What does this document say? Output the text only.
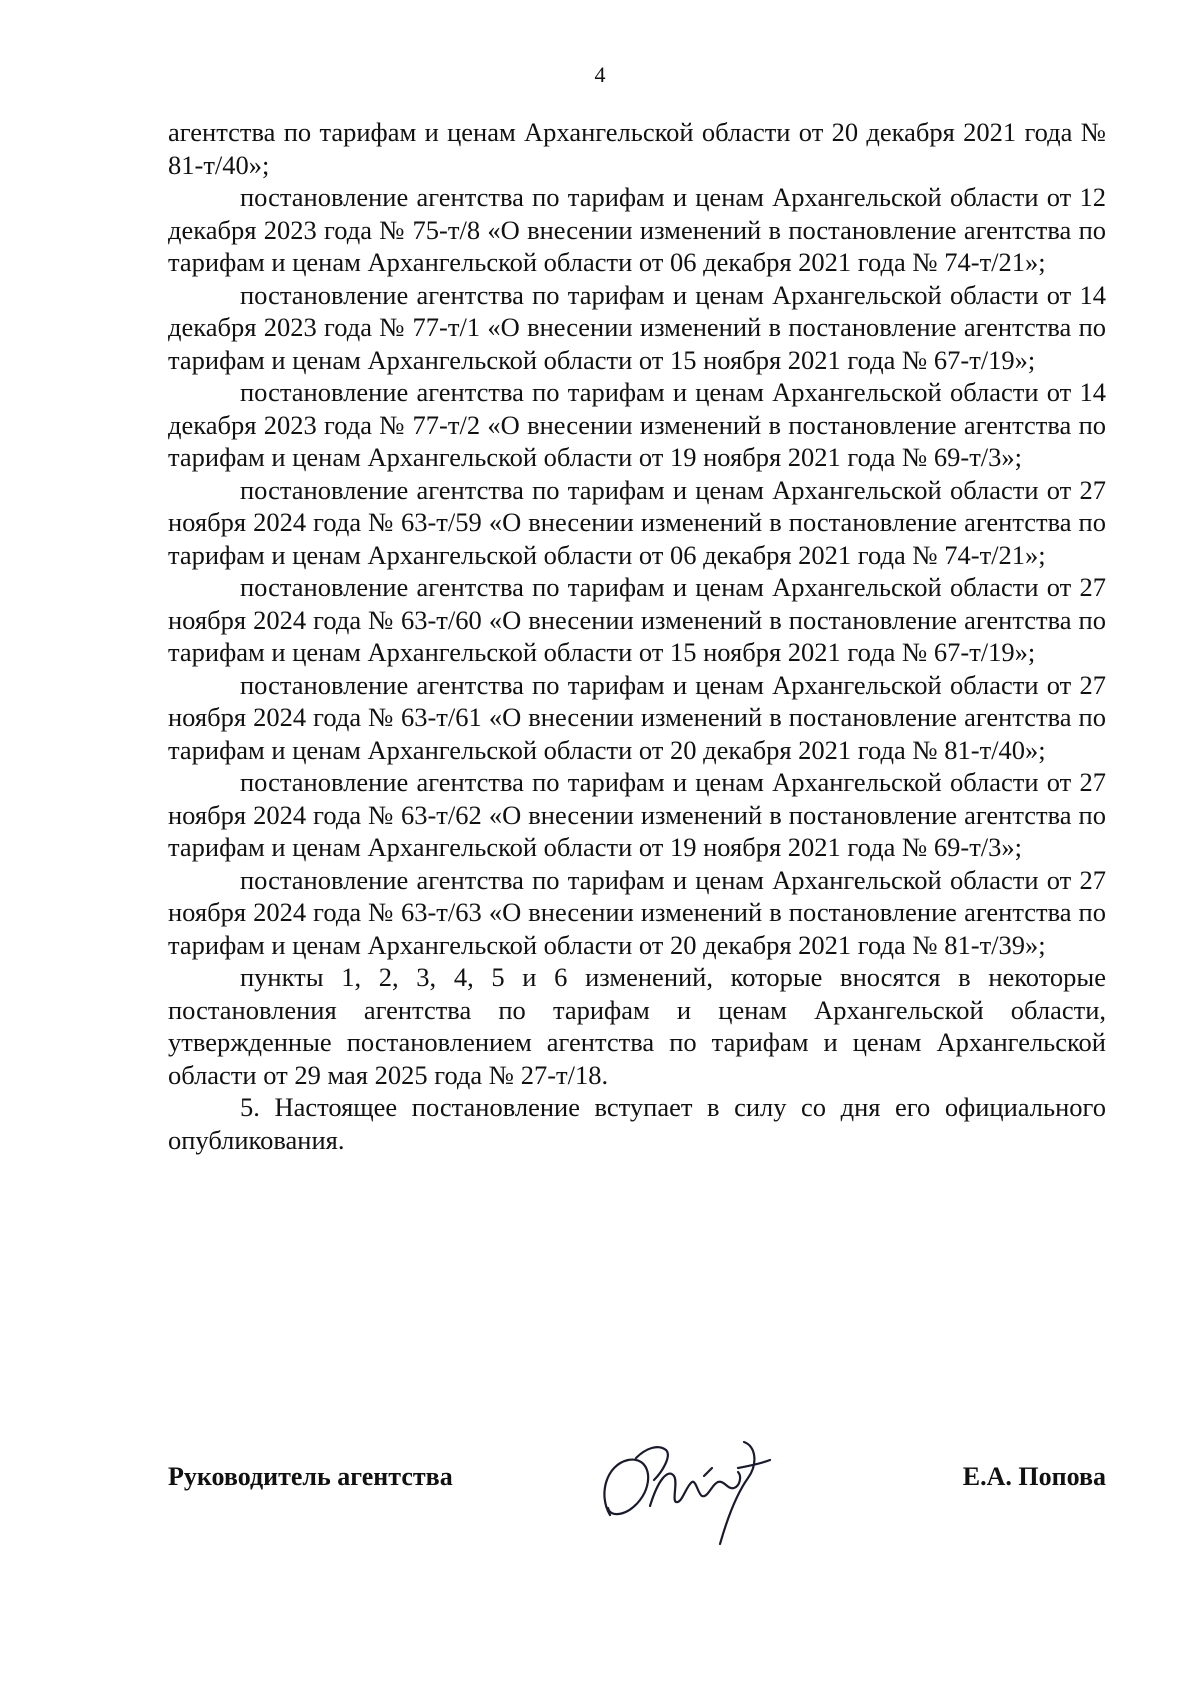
4

агентства по тарифам и ценам Архангельской области от 20 декабря 2021 года № 81-т/40»;

постановление агентства по тарифам и ценам Архангельской области от 12 декабря 2023 года № 75-т/8 «О внесении изменений в постановление агентства по тарифам и ценам Архангельской области от 06 декабря 2021 года № 74-т/21»;

постановление агентства по тарифам и ценам Архангельской области от 14 декабря 2023 года № 77-т/1 «О внесении изменений в постановление агентства по тарифам и ценам Архангельской области от 15 ноября 2021 года № 67-т/19»;

постановление агентства по тарифам и ценам Архангельской области от 14 декабря 2023 года № 77-т/2 «О внесении изменений в постановление агентства по тарифам и ценам Архангельской области от 19 ноября 2021 года № 69-т/3»;

постановление агентства по тарифам и ценам Архангельской области от 27 ноября 2024 года № 63-т/59 «О внесении изменений в постановление агентства по тарифам и ценам Архангельской области от 06 декабря 2021 года № 74-т/21»;

постановление агентства по тарифам и ценам Архангельской области от 27 ноября 2024 года № 63-т/60 «О внесении изменений в постановление агентства по тарифам и ценам Архангельской области от 15 ноября 2021 года № 67-т/19»;

постановление агентства по тарифам и ценам Архангельской области от 27 ноября 2024 года № 63-т/61 «О внесении изменений в постановление агентства по тарифам и ценам Архангельской области от 20 декабря 2021 года № 81-т/40»;

постановление агентства по тарифам и ценам Архангельской области от 27 ноября 2024 года № 63-т/62 «О внесении изменений в постановление агентства по тарифам и ценам Архангельской области от 19 ноября 2021 года № 69-т/3»;

постановление агентства по тарифам и ценам Архангельской области от 27 ноября 2024 года № 63-т/63 «О внесении изменений в постановление агентства по тарифам и ценам Архангельской области от 20 декабря 2021 года № 81-т/39»;

пункты 1, 2, 3, 4, 5 и 6 изменений, которые вносятся в некоторые постановления агентства по тарифам и ценам Архангельской области, утвержденные постановлением агентства по тарифам и ценам Архангельской области от 29 мая 2025 года № 27-т/18.

5. Настоящее постановление вступает в силу со дня его официального опубликования.

Руководитель агентства	Е.А. Попова
